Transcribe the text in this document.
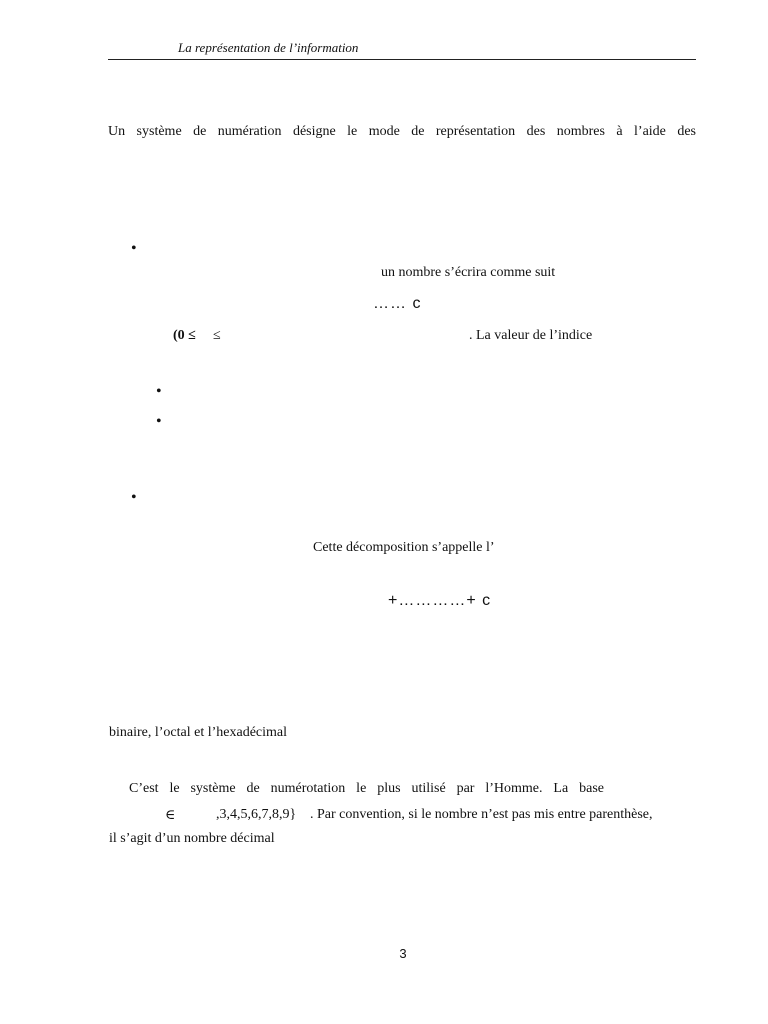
La représentation de l’information
Un système de numération désigne le mode de représentation des nombres à l’aide des
•
un nombre s’écrira comme suit
…… c
(0 ≤ ≤	. La valeur de l’indice
•
•
•
Cette décomposition s’appelle l’
+…………+ c
binaire, l’octal et l’hexadécimal
C’est le système de numérotation le plus utilisé par l’Homme. La base
∈	,3,4,5,6,7,8,9} . Par convention, si le nombre n’est pas mis entre parenthèse,
il s’agit d’un nombre décimal
3
